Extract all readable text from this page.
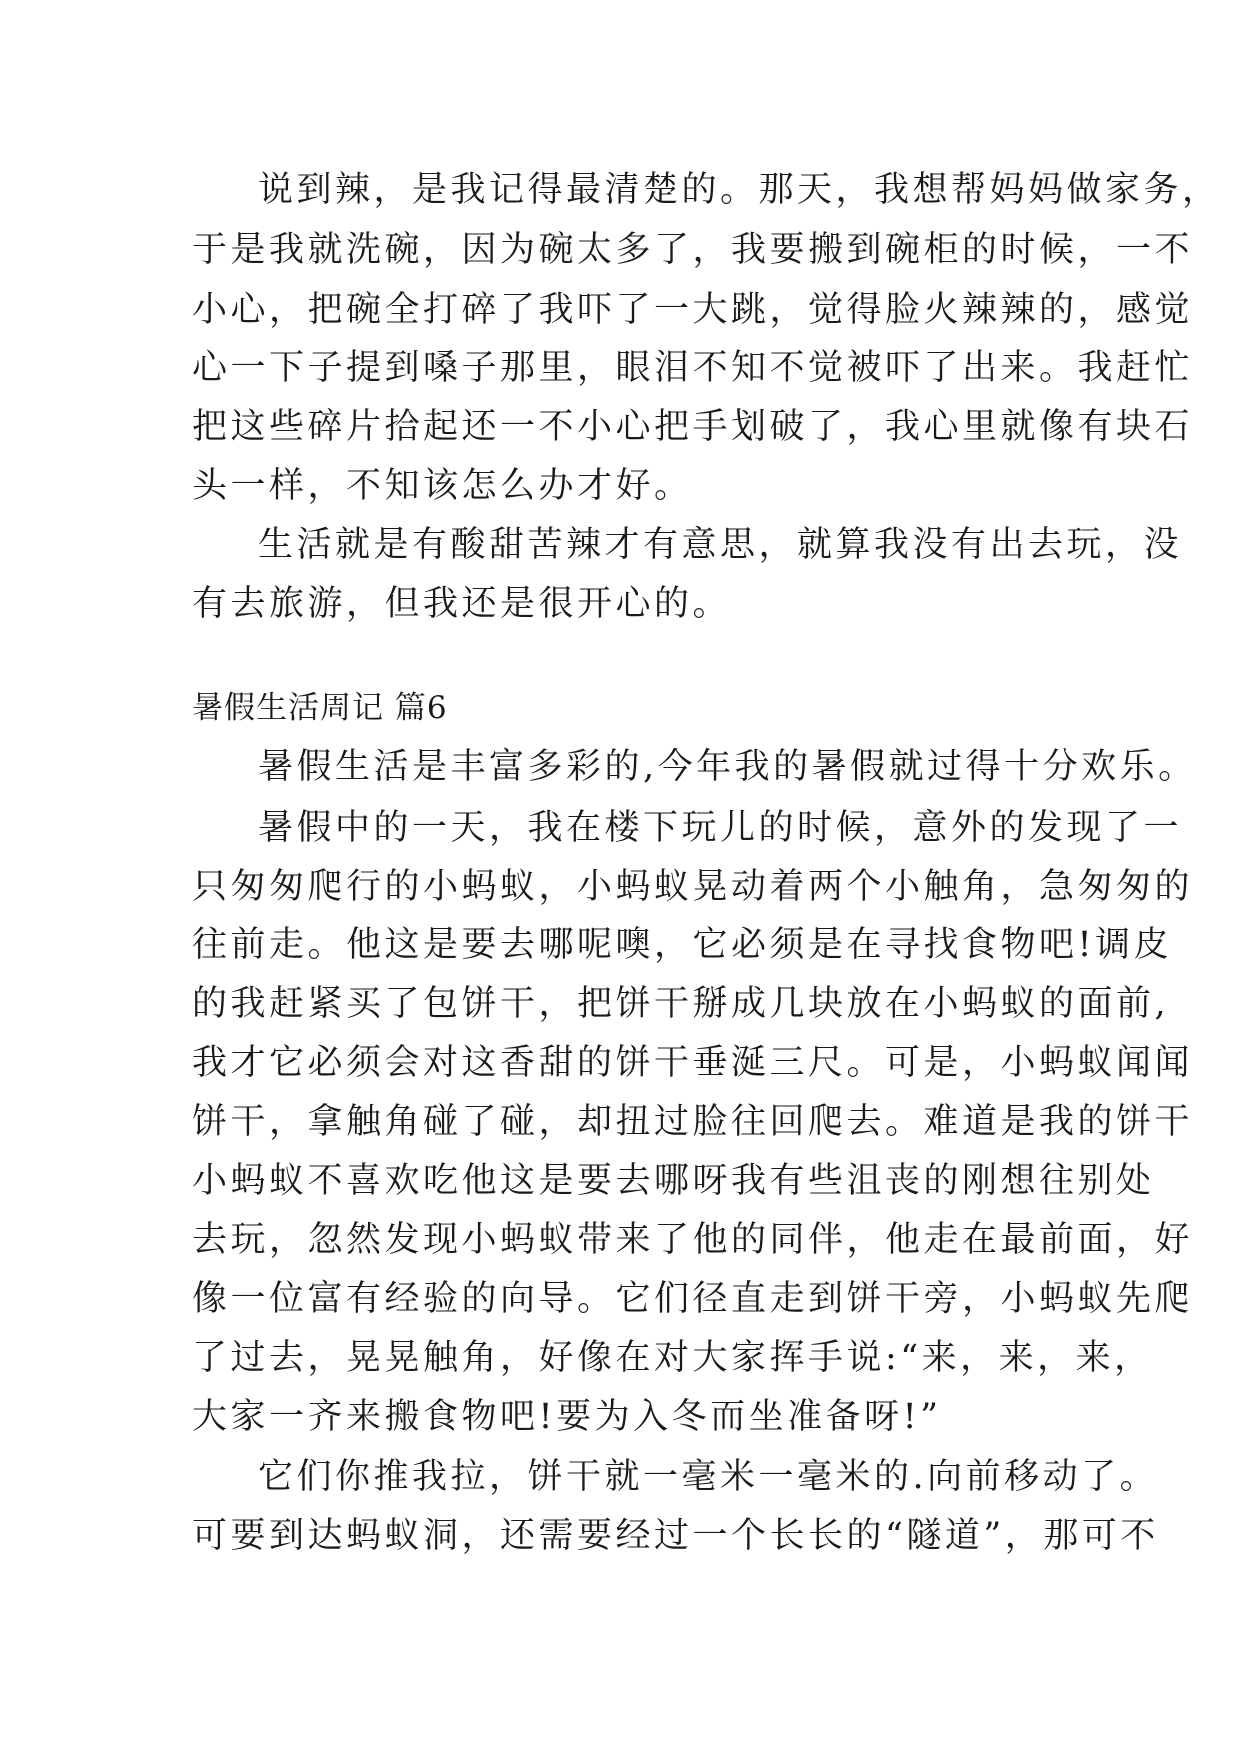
说到辣，是我记得最清楚的。那天，我想帮妈妈做家务，
于是我就洗碗，因为碗太多了，我要搬到碗柜的时候，一不
小心，把碗全打碎了我吓了一大跳，觉得脸火辣辣的，感觉
心一下子提到嗓子那里，眼泪不知不觉被吓了出来。我赶忙
把这些碎片拾起还一不小心把手划破了，我心里就像有块石
头一样，不知该怎么办才好。
生活就是有酸甜苦辣才有意思，就算我没有出去玩，没
有去旅游，但我还是很开心的。
暑假生活周记 篇6
暑假生活是丰富多彩的,今年我的暑假就过得十分欢乐。
暑假中的一天，我在楼下玩儿的时候，意外的发现了一
只匆匆爬行的小蚂蚁，小蚂蚁晃动着两个小触角，急匆匆的
往前走。他这是要去哪呢噢，它必须是在寻找食物吧!调皮
的我赶紧买了包饼干，把饼干掰成几块放在小蚂蚁的面前,
我才它必须会对这香甜的饼干垂涎三尺。可是，小蚂蚁闻闻
饼干，拿触角碰了碰，却扭过脸往回爬去。难道是我的饼干
小蚂蚁不喜欢吃他这是要去哪呀我有些沮丧的刚想往别处
去玩，忽然发现小蚂蚁带来了他的同伴，他走在最前面，好
像一位富有经验的向导。它们径直走到饼干旁，小蚂蚁先爬
了过去，晃晃触角，好像在对大家挥手说:“来，来，来，
大家一齐来搬食物吧!要为入冬而坐准备呀!”
它们你推我拉，饼干就一毫米一毫米的.向前移动了。
可要到达蚂蚁洞，还需要经过一个长长的“隧道”，那可不
